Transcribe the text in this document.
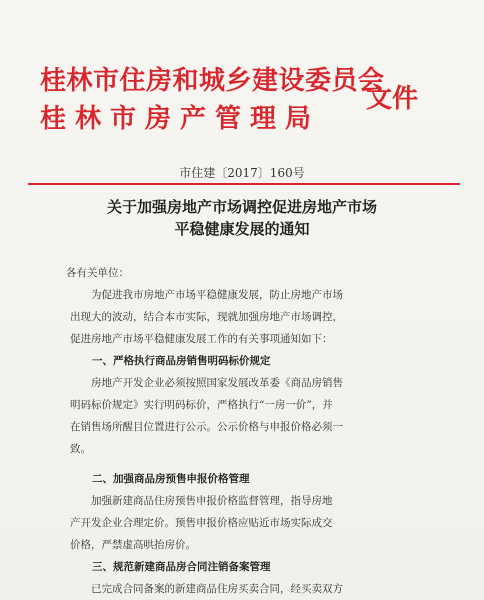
桂林市住房和城乡建设委员会
桂林市房产管理局
文件
市住建〔2017〕160号
关于加强房地产市场调控促进房地产市场
平稳健康发展的通知
各有关单位：
为促进我市房地产市场平稳健康发展，防止房地产市场
出现大的波动，结合本市实际，现就加强房地产市场调控，
促进房地产市场平稳健康发展工作的有关事项通知如下：
一、严格执行商品房销售明码标价规定
房地产开发企业必须按照国家发展改革委《商品房销售
明码标价规定》实行明码标价，严格执行“一房一价”，并
在销售场所醒目位置进行公示。公示价格与申报价格必须一
致。
二、加强商品房预售申报价格管理
加强新建商品住房预售申报价格监督管理，指导房地
产开发企业合理定价。预售申报价格应贴近市场实际成交
价格，严禁虚高哄抬房价。
三、规范新建商品房合同注销备案管理
已完成合同备案的新建商品住房买卖合同，经买卖双方
